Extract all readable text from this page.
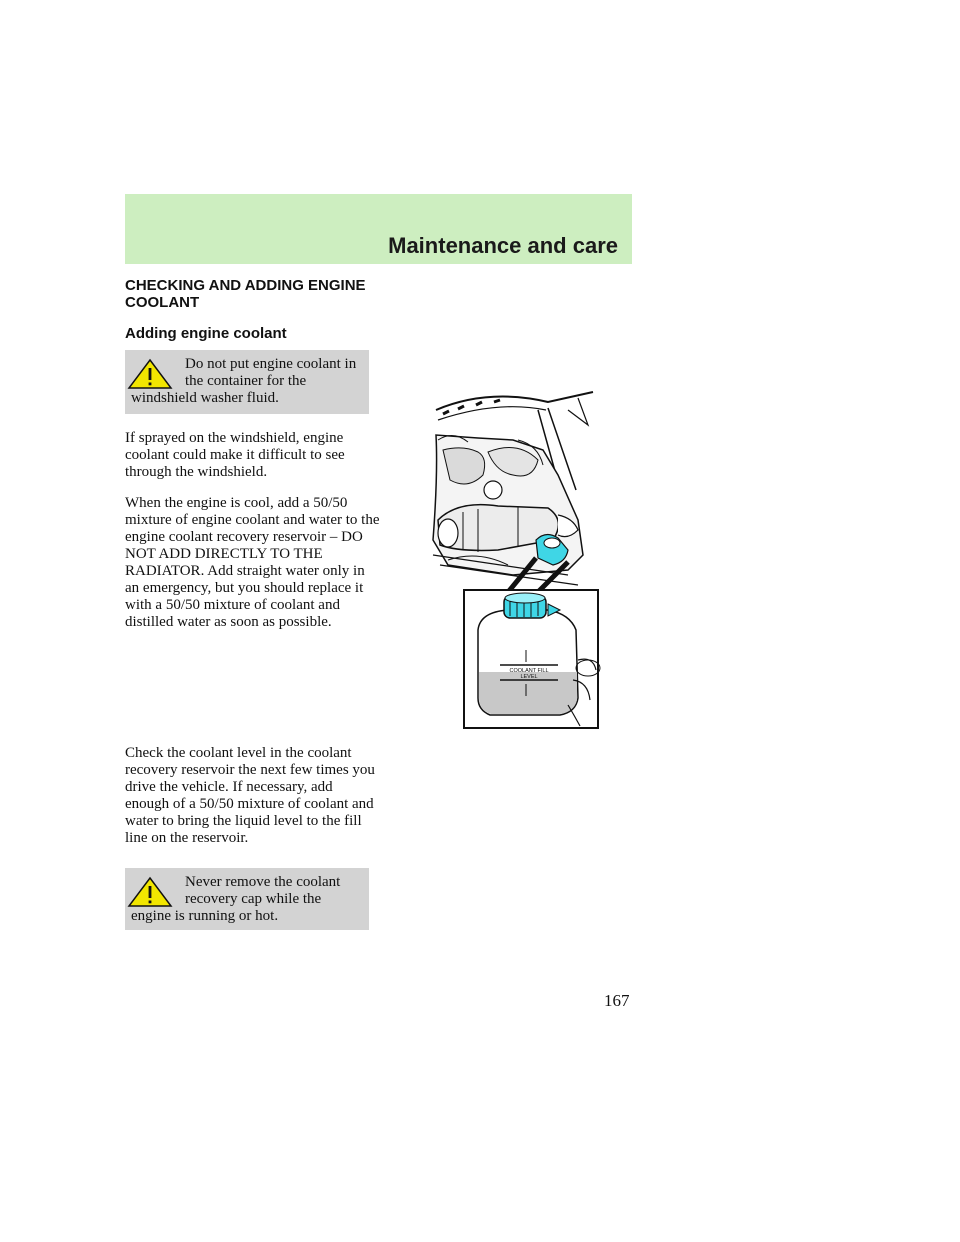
Maintenance and care
CHECKING AND ADDING ENGINE COOLANT
Adding engine coolant
Do not put engine coolant in the container for the windshield washer fluid.

If sprayed on the windshield, engine coolant could make it difficult to see through the windshield.

When the engine is cool, add a 50/50 mixture of engine coolant and water to the engine coolant recovery reservoir – DO NOT ADD DIRECTLY TO THE RADIATOR. Add straight water only in an emergency, but you should replace it with a 50/50 mixture of coolant and distilled water as soon as possible.

Check the coolant level in the coolant recovery reservoir the next few times you drive the vehicle. If necessary, add enough of a 50/50 mixture of coolant and water to bring the liquid level to the fill line on the reservoir.

Never remove the coolant recovery cap while the engine is running or hot.
COOLANT FILL
LEVEL

167
